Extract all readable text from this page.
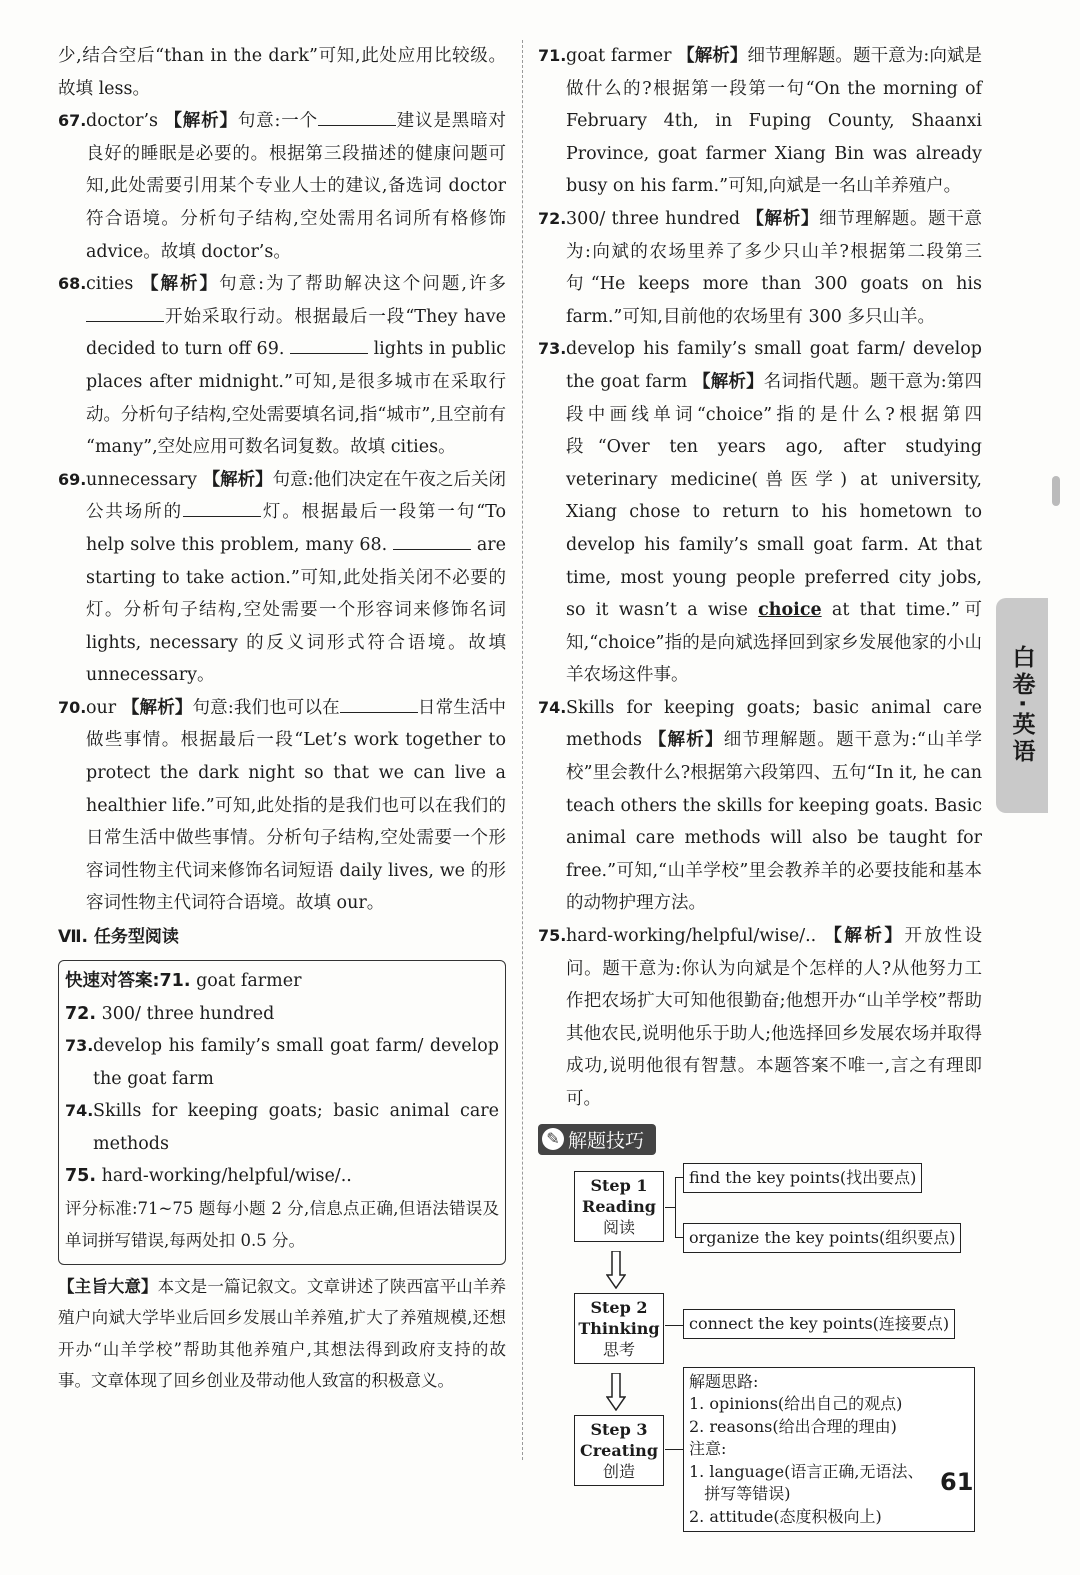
少,结合空后“than in the dark”可知,此处应用比较级。故填 less。

67. doctor’s 【解析】句意:一个	建议是黑暗对良好的睡眠是必要的。根据第三段描述的健康问题可知,此处需要引用某个专业人士的建议,备选词 doctor 符合语境。分析句子结构,空处需用名词所有格修饰 advice。故填 doctor’s。

68. cities 【解析】句意:为了帮助解决这个问题,许多开始采取行动。根据最后一段“They have decided to turn off 69.	lights in public places after midnight.”可知,是很多城市在采取行动。分析句子结构,空处需要填名词,指“城市”,且空前有 “many”,空处应用可数名词复数。故填 cities。

69. unnecessary 【解析】句意:他们决定在午夜之后关闭公共场所的	灯。根据最后一段第一句“To help solve this problem, many 68.	are starting to take action.”可知,此处指关闭不必要的灯。分析句子结构,空处需要一个形容词来修饰名词 lights, necessary 的反义词形式符合语境。故填 unnecessary。

70. our 【解析】句意:我们也可以在	日常生活中做些事情。根据最后一段“Let’s work together to protect the dark night so that we can live a healthier life.”可知,此处指的是我们也可以在我们的日常生活中做些事情。分析句子结构,空处需要一个形容词性物主代词来修饰名词短语 daily lives, we 的形容词性物主代词符合语境。故填 our。

Ⅶ. 任务型阅读

快速对答案:71. goat farmer

72. 300/ three hundred

73. develop his family’s small goat farm/ develop the goat farm

74. Skills for keeping goats; basic animal care methods

75. hard-working/helpful/wise/..

评分标准:71~75 题每小题 2 分,信息点正确,但语法错误及单词拼写错误,每两处扣 0.5 分。

【主旨大意】本文是一篇记叙文。文章讲述了陕西富平山羊养殖户向斌大学毕业后回乡发展山羊养殖,扩大了养殖规模,还想开办“山羊学校”帮助其他养殖户,其想法得到政府支持的故事。文章体现了回乡创业及带动他人致富的积极意义。

71. goat farmer 【解析】细节理解题。题干意为:向斌是做什么的?根据第一段第一句“On the morning of February 4th, in Fuping County, Shaanxi Province, goat farmer Xiang Bin was already busy on his farm.”可知,向斌是一名山羊养殖户。

72. 300/ three hundred 【解析】细节理解题。题干意为:向斌的农场里养了多少只山羊?根据第二段第三句“He keeps more than 300 goats on his farm.”可知,目前他的农场里有 300 多只山羊。

73. develop his family’s small goat farm/ develop the goat farm 【解析】名词指代题。题干意为:第四段中画线单词“choice”指的是什么?根据第四段“Over ten years ago, after studying veterinary medicine(兽医学) at university, Xiang chose to return to his hometown to develop his family’s small goat farm. At that time, most young people preferred city jobs, so it wasn’t a wise choice at that time.”可知,“choice”指的是向斌选择回到家乡发展他家的小山羊农场这件事。

74. Skills for keeping goats; basic animal care methods 【解析】细节理解题。题干意为:“山羊学校”里会教什么?根据第六段第四、五句“In it, he can teach others the skills for keeping goats. Basic animal care methods will also be taught for free.”可知,“山羊学校”里会教养羊的必要技能和基本的动物护理方法。

75. hard-working/helpful/wise/.. 【解析】开放性设问。题干意为:你认为向斌是个怎样的人?从他努力工作把农场扩大可知他很勤奋;他想开办“山羊学校”帮助其他农民,说明他乐于助人;他选择回乡发展农场并取得成功,说明他很有智慧。本题答案不唯一,言之有理即可。

✎ 解题技巧
Step 1
Reading
阅读
find the key points(找出要点)
organize the key points(组织要点)
Step 2
Thinking
思考
connect the key points(连接要点)
Step 3
Creating
创造
解题思路:
1. opinions(给出自己的观点)
2. reasons(给出合理的理由)
注意:
1. language(语言正确,无语法、
拼写等错误)
2. attitude(态度积极向上)
白卷·英语
61
